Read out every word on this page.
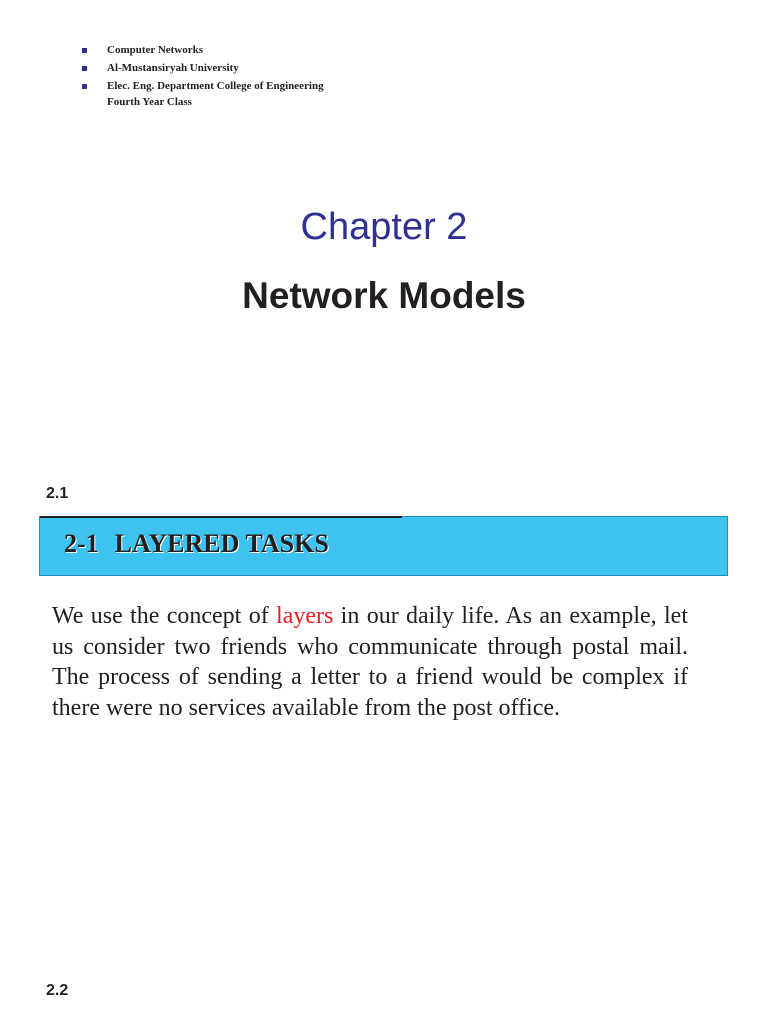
Computer Networks
Al-Mustansiryah University
Elec. Eng. Department College of Engineering
Fourth Year Class
Chapter 2
Network Models
2.1
2-1 LAYERED TASKS

We use the concept of layers in our daily life. As an example, let us consider two friends who communicate through postal mail. The process of sending a letter to a friend would be complex if there were no services available from the post office.

2.2
